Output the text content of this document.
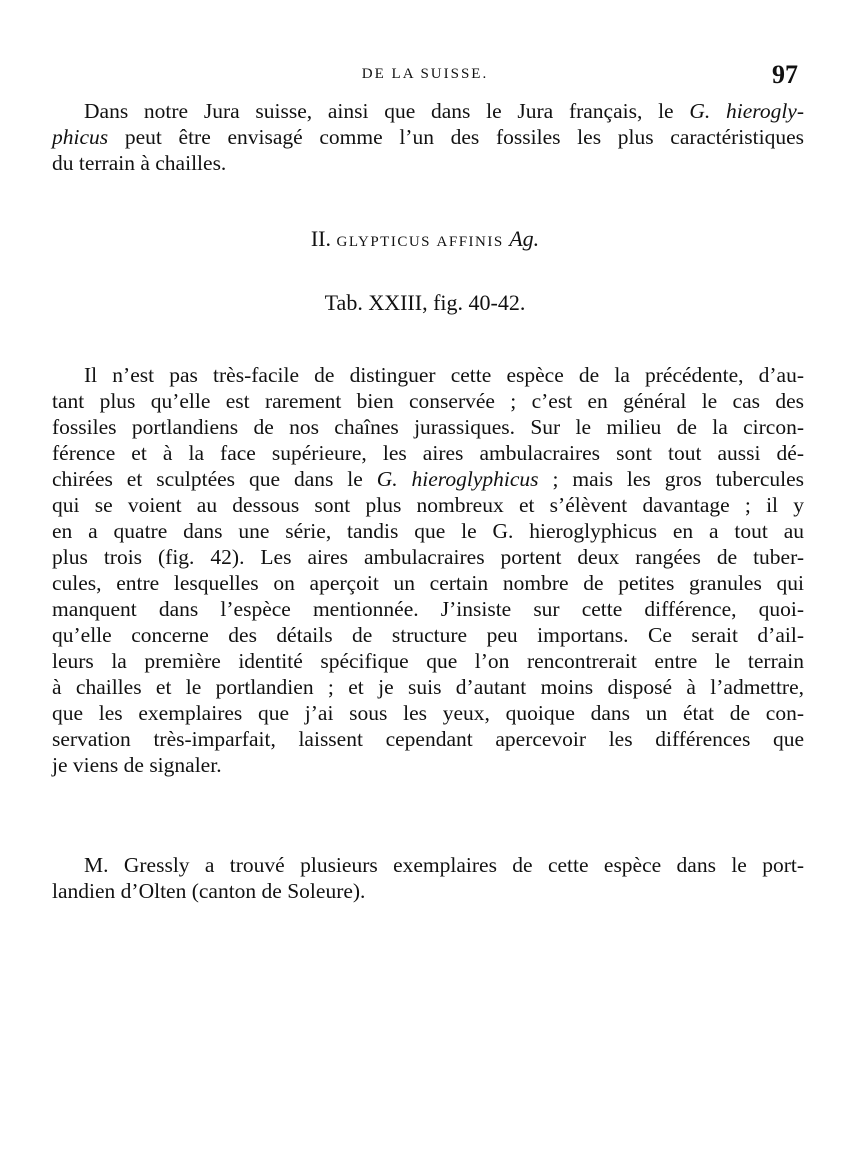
DE LA SUISSE.	97
Dans notre Jura suisse, ainsi que dans le Jura français, le G. hierogly-
phicus peut être envisagé comme l’un des fossiles les plus caractéristiques
du terrain à chailles.
II. GLYPTICUS AFFINIS Ag.
Tab. XXIII, fig. 40-42.
Il n’est pas très-facile de distinguer cette espèce de la précédente, d’au-
tant plus qu’elle est rarement bien conservée ; c’est en général le cas des
fossiles portlandiens de nos chaînes jurassiques. Sur le milieu de la circon-
férence et à la face supérieure, les aires ambulacraires sont tout aussi dé-
chirées et sculptées que dans le G. hieroglyphicus ; mais les gros tubercules
qui se voient au dessous sont plus nombreux et s’élèvent davantage ; il y
en a quatre dans une série, tandis que le G. hieroglyphicus en a tout au
plus trois (fig. 42). Les aires ambulacraires portent deux rangées de tuber-
cules, entre lesquelles on aperçoit un certain nombre de petites granules qui
manquent dans l’espèce mentionnée. J’insiste sur cette différence, quoi-
qu’elle concerne des détails de structure peu importans. Ce serait d’ail-
leurs la première identité spécifique que l’on rencontrerait entre le terrain
à chailles et le portlandien ; et je suis d’autant moins disposé à l’admettre,
que les exemplaires que j’ai sous les yeux, quoique dans un état de con-
servation très-imparfait, laissent cependant apercevoir les différences que
je viens de signaler.
M. Gressly a trouvé plusieurs exemplaires de cette espèce dans le port-
landien d’Olten (canton de Soleure).
